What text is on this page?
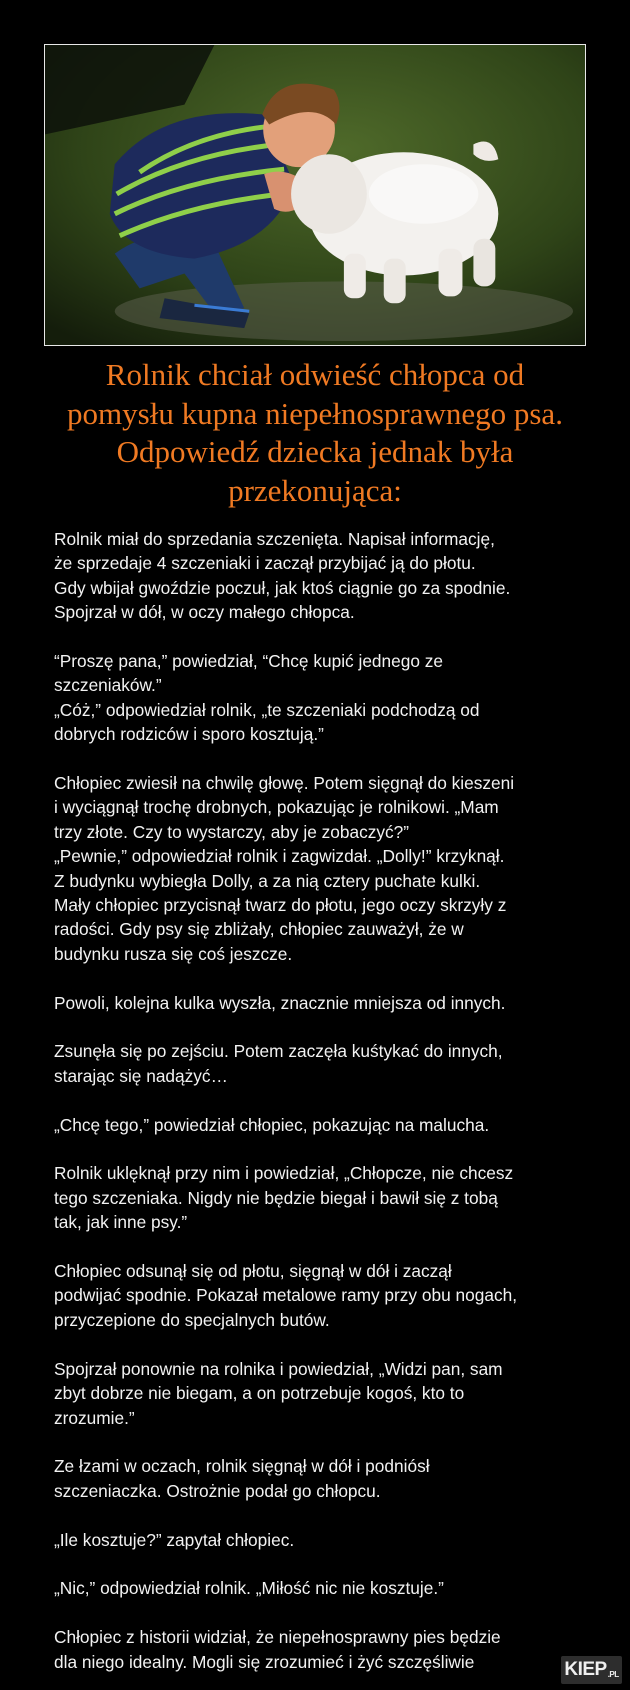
Rolnik chciał odwieść chłopca od
pomysłu kupna niepełnosprawnego psa.
Odpowiedź dziecka jednak była
przekonująca:

Rolnik miał do sprzedania szczenięta. Napisał informację,
że sprzedaje 4 szczeniaki i zaczął przybijać ją do płotu.
Gdy wbijał gwoździe poczuł, jak ktoś ciągnie go za spodnie.
Spojrzał w dół, w oczy małego chłopca.

“Proszę pana,” powiedział, “Chcę kupić jednego ze
szczeniaków.”
„Cóż,” odpowiedział rolnik, „te szczeniaki podchodzą od
dobrych rodziców i sporo kosztują.”

Chłopiec zwiesił na chwilę głowę. Potem sięgnął do kieszeni
i wyciągnął trochę drobnych, pokazując je rolnikowi. „Mam
trzy złote. Czy to wystarczy, aby je zobaczyć?”
„Pewnie,” odpowiedział rolnik i zagwizdał. „Dolly!” krzyknął.
Z budynku wybiegła Dolly, a za nią cztery puchate kulki.
Mały chłopiec przycisnął twarz do płotu, jego oczy skrzyły z
radości. Gdy psy się zbliżały, chłopiec zauważył, że w
budynku rusza się coś jeszcze.

Powoli, kolejna kulka wyszła, znacznie mniejsza od innych.

Zsunęła się po zejściu. Potem zaczęła kuśtykać do innych,
starając się nadążyć…

„Chcę tego,” powiedział chłopiec, pokazując na malucha.

Rolnik uklęknął przy nim i powiedział, „Chłopcze, nie chcesz
tego szczeniaka. Nigdy nie będzie biegał i bawił się z tobą
tak, jak inne psy.”

Chłopiec odsunął się od płotu, sięgnął w dół i zaczął
podwijać spodnie. Pokazał metalowe ramy przy obu nogach,
przyczepione do specjalnych butów.

Spojrzał ponownie na rolnika i powiedział, „Widzi pan, sam
zbyt dobrze nie biegam, a on potrzebuje kogoś, kto to
zrozumie.”

Ze łzami w oczach, rolnik sięgnął w dół i podniósł
szczeniaczka. Ostrożnie podał go chłopcu.

„Ile kosztuje?” zapytał chłopiec.

„Nic,” odpowiedział rolnik. „Miłość nic nie kosztuje.”

Chłopiec z historii widział, że niepełnosprawny pies będzie
dla niego idealny. Mogli się zrozumieć i żyć szczęśliwie	KIEP .PL
